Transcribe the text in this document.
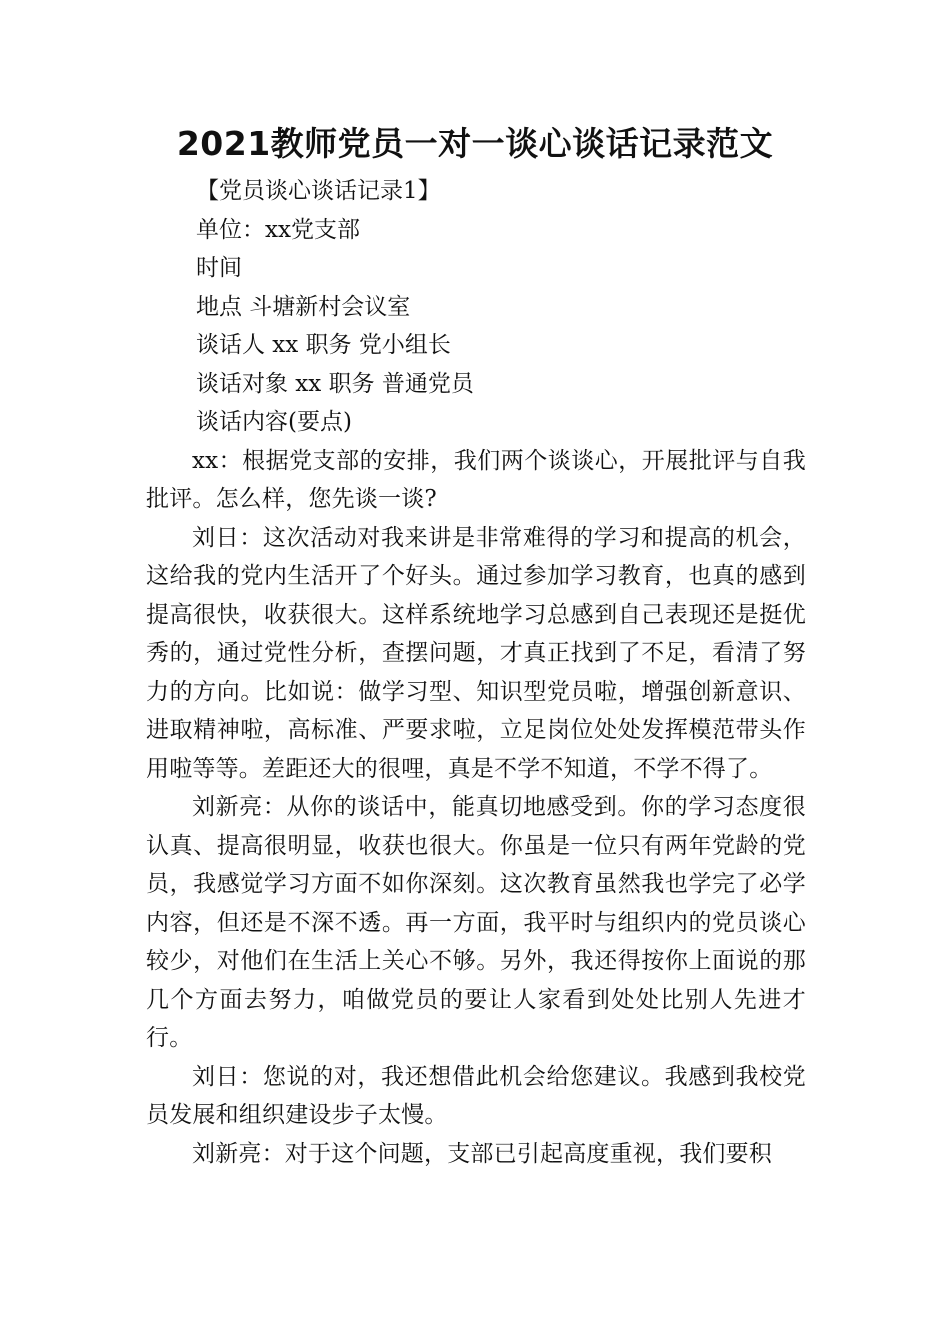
2021教师党员一对一谈心谈话记录范文

【党员谈心谈话记录1】

单位：xx党支部

时间

地点 斗塘新村会议室

谈话人 xx 职务 党小组长

谈话对象 xx 职务 普通党员

谈话内容(要点)

xx：根据党支部的安排，我们两个谈谈心，开展批评与自我批评。怎么样，您先谈一谈?

刘日：这次活动对我来讲是非常难得的学习和提高的机会，这给我的党内生活开了个好头。通过参加学习教育，也真的感到提高很快，收获很大。这样系统地学习总感到自己表现还是挺优秀的，通过党性分析，查摆问题，才真正找到了不足，看清了努力的方向。比如说：做学习型、知识型党员啦，增强创新意识、进取精神啦，高标准、严要求啦，立足岗位处处发挥模范带头作用啦等等。差距还大的很哩，真是不学不知道，不学不得了。

刘新亮：从你的谈话中，能真切地感受到。你的学习态度很认真、提高很明显，收获也很大。你虽是一位只有两年党龄的党员，我感觉学习方面不如你深刻。这次教育虽然我也学完了必学内容，但还是不深不透。再一方面，我平时与组织内的党员谈心较少，对他们在生活上关心不够。另外，我还得按你上面说的那几个方面去努力，咱做党员的要让人家看到处处比别人先进才行。

刘日：您说的对，我还想借此机会给您建议。我感到我校党员发展和组织建设步子太慢。

刘新亮：对于这个问题，支部已引起高度重视，我们要积
